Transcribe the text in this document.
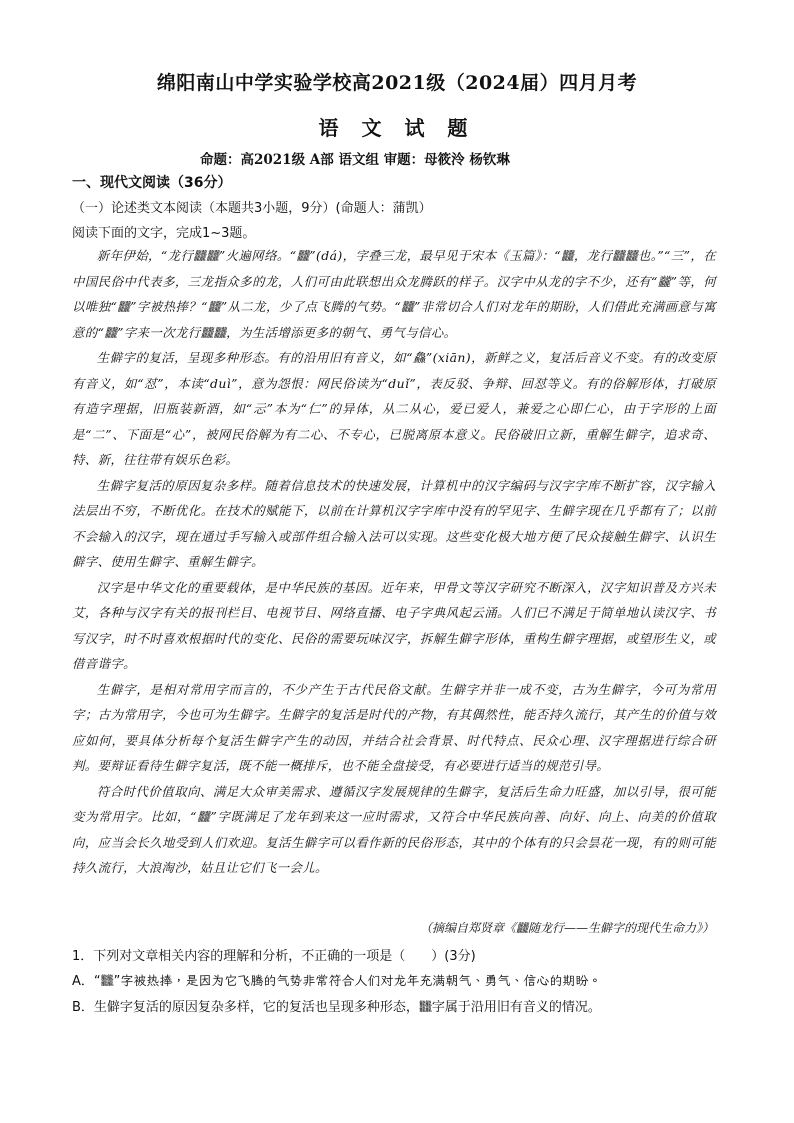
绵阳南山中学实验学校高2021级（2024届）四月月考
语 文 试 题
命题：高2021级 A部 语文组 审题：母筱泠 杨钦琳
一、现代文阅读（36分）
（一）论述类文本阅读（本题共3小题，9分）(命题人：蒲凯）
阅读下面的文字，完成1~3题。

新年伊始，“龙行𪚥𪚥”火遍网络。“𪚥”(dá)，字叠三龙，最早见于宋本《玉篇》：“𪚥，龙行𪚥𪚥也。”“三”，在中国民俗中代表多，三龙指众多的龙，人们可由此联想出众龙腾跃的样子。汉字中从龙的字不少，还有“龖”等，何以唯独“𪚥”字被热捧？“𪚥”从二龙，少了点飞腾的气势。“𪚥”非常切合人们对龙年的期盼，人们借此充满画意与寓意的“𪚥”字来一次龙行𪚥𪚥，为生活增添更多的朝气、勇气与信心。

生僻字的复活，呈现多种形态。有的沿用旧有音义，如“鱻”(xiān)，新鲜之义，复活后音义不变。有的改变原有音义，如“怼”，本读“duì”，意为怨恨：网民俗读为“duǐ”，表反驳、争辩、回怼等义。有的俗解形体，打破原有造字理据，旧瓶装新酒，如“忈”本为“仁”的异体，从二从心，爱已爱人，兼爱之心即仁心，由于字形的上面是“二”、下面是“心”，被网民俗解为有二心、不专心，已脱离原本意义。民俗破旧立新，重解生僻字，追求奇、特、新，往往带有娱乐色彩。

生僻字复活的原因复杂多样。随着信息技术的快速发展，计算机中的汉字编码与汉字字库不断扩容，汉字输入法层出不穷，不断优化。在技术的赋能下，以前在计算机汉字字库中没有的罕见字、生僻字现在几乎都有了；以前不会输入的汉字，现在通过手写输入或部件组合输入法可以实现。这些变化极大地方便了民众接触生僻字、认识生僻字、使用生僻字、重解生僻字。

汉字是中华文化的重要载体，是中华民族的基因。近年来，甲骨文等汉字研究不断深入，汉字知识普及方兴未艾，各种与汉字有关的报刊栏目、电视节目、网络直播、电子字典风起云涌。人们已不满足于简单地认读汉字、书写汉字，时不时喜欢根据时代的变化、民俗的需要玩味汉字，拆解生僻字形体，重构生僻字理据，或望形生义，或借音谐字。

生僻字，是相对常用字而言的，不少产生于古代民俗文献。生僻字并非一成不变，古为生僻字，今可为常用字；古为常用字，今也可为生僻字。生僻字的复活是时代的产物，有其偶然性，能否持久流行，其产生的价值与效应如何，要具体分析每个复活生僻字产生的动因，并结合社会背景、时代特点、民众心理、汉字理据进行综合研判。要辩证看待生僻字复活，既不能一概排斥，也不能全盘接受，有必要进行适当的规范引导。

符合时代价值取向、满足大众审美需求、遵循汉字发展规律的生僻字，复活后生命力旺盛，加以引导，很可能变为常用字。比如，“𪚥”字既满足了龙年到来这一应时需求，又符合中华民族向善、向好、向上、向美的价值取向，应当会长久地受到人们欢迎。复活生僻字可以看作新的民俗形态，其中的个体有的只会昙花一现，有的则可能持久流行，大浪淘沙，姑且让它们飞一会儿。

（摘编自郑贤章《𪚥随龙行——生僻字的现代生命力》）
1．下列对文章相关内容的理解和分析，不正确的一项是（　　）(3分)
A．“𪚥”字被热捧，是因为它飞腾的气势非常符合人们对龙年充满朝气、勇气、信心的期盼。
B．生僻字复活的原因复杂多样，它的复活也呈现多种形态，𪚥字属于沿用旧有音义的情况。
